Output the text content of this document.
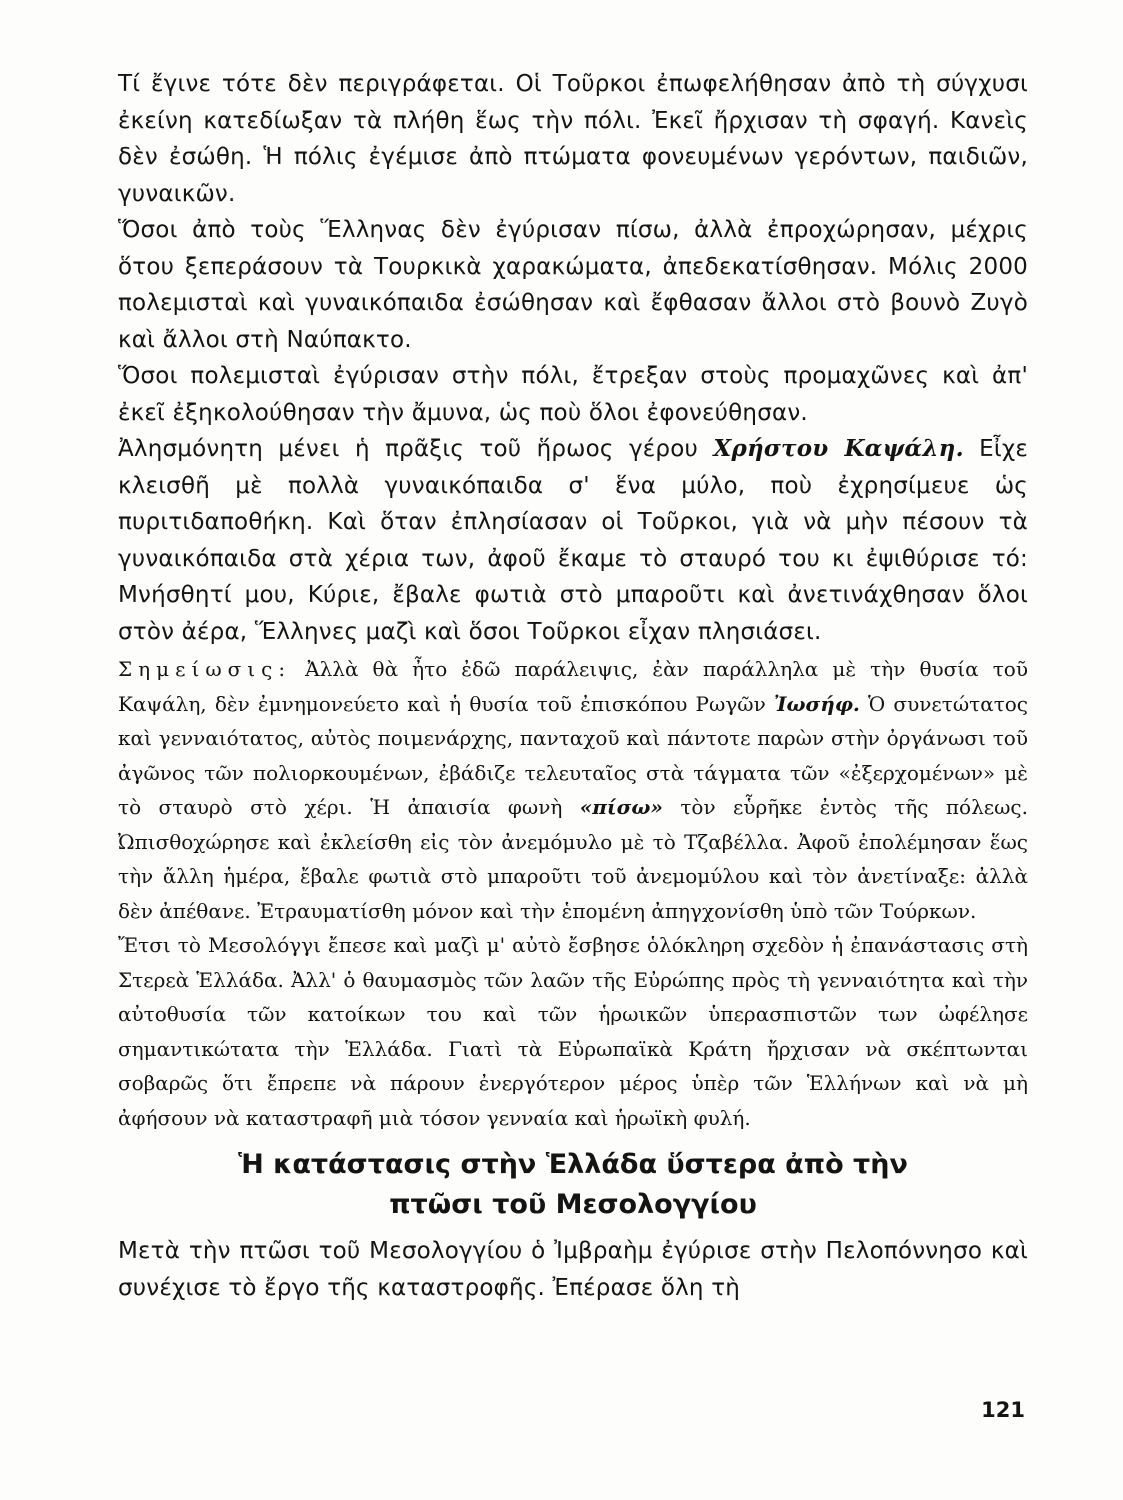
Τί ἔγινε τότε δὲν περιγράφεται. Οἱ Τοῦρκοι ἐπωφελήθησαν ἀπὸ τὴ σύγχυσι ἐκείνη κατεδίωξαν τὰ πλήθη ἕως τὴν πόλι. Ἐκεῖ ἤρχισαν τὴ σφαγή. Κανεὶς δὲν ἐσώθη. Ἡ πόλις ἐγέμισε ἀπὸ πτώματα φονευμένων γερόντων, παιδιῶν, γυναικῶν.

Ὅσοι ἀπὸ τοὺς Ἕλληνας δὲν ἐγύρισαν πίσω, ἀλλὰ ἐπροχώρησαν, μέχρις ὅτου ξεπεράσουν τὰ Τουρκικὰ χαρακώματα, ἀπεδεκατίσθησαν. Μόλις 2000 πολεμισταὶ καὶ γυναικόπαιδα ἐσώθησαν καὶ ἔφθασαν ἄλλοι στὸ βουνὸ Ζυγὸ καὶ ἄλλοι στὴ Ναύπακτο.

Ὅσοι πολεμισταὶ ἐγύρισαν στὴν πόλι, ἔτρεξαν στοὺς προμαχῶνες καὶ ἀπ' ἐκεῖ ἐξηκολούθησαν τὴν ἄμυνα, ὡς ποὺ ὅλοι ἐφονεύθησαν.

Ἀλησμόνητη μένει ἡ πρᾶξις τοῦ ἥρωος γέρου Χρήστου Καψάλη. Εἶχε κλεισθῆ μὲ πολλὰ γυναικόπαιδα σ' ἕνα μύλο, ποὺ ἐχρησίμευε ὡς πυριτιδαποθήκη. Καὶ ὅταν ἐπλησίασαν οἱ Τοῦρκοι, γιὰ νὰ μὴν πέσουν τὰ γυναικόπαιδα στὰ χέρια των, ἀφοῦ ἔκαμε τὸ σταυρό του κι ἐψιθύρισε τό: Μνήσθητί μου, Κύριε, ἔβαλε φωτιὰ στὸ μπαροῦτι καὶ ἀνετινάχθησαν ὅλοι στὸν ἀέρα, Ἕλληνες μαζὶ καὶ ὅσοι Τοῦρκοι εἶχαν πλησιάσει.

Σημείωσις: Ἀλλὰ θὰ ἦτο ἐδῶ παράλειψις, ἐὰν παράλληλα μὲ τὴν θυσία τοῦ Καψάλη, δὲν ἐμνημονεύετο καὶ ἡ θυσία τοῦ ἐπισκόπου Ρωγῶν Ἰωσήφ. Ὁ συνετώτατος καὶ γενναιότατος, αὐτὸς ποιμενάρχης, πανταχοῦ καὶ πάντοτε παρὼν στὴν ὀργάνωσι τοῦ ἀγῶνος τῶν πολιορκουμένων, ἐβάδιζε τελευταῖος στὰ τάγματα τῶν «ἐξερχομένων» μὲ τὸ σταυρὸ στὸ χέρι. Ἡ ἀπαισία φωνὴ «πίσω» τὸν εὗρῆκε ἐντὸς τῆς πόλεως. Ὠπισθοχώρησε καὶ ἐκλείσθη εἰς τὸν ἀνεμόμυλο μὲ τὸ Τζαβέλλα. Ἀφοῦ ἐπολέμησαν ἕως τὴν ἄλλη ἡμέρα, ἔβαλε φωτιὰ στὸ μπαροῦτι τοῦ ἀνεμομύλου καὶ τὸν ἀνετίναξε: ἀλλὰ δὲν ἀπέθανε. Ἐτραυματίσθη μόνον καὶ τὴν ἑπομένη ἀπηγχονίσθη ὑπὸ τῶν Τούρκων.

Ἔτσι τὸ Μεσολόγγι ἔπεσε καὶ μαζὶ μ' αὐτὸ ἔσβησε ὁλόκληρη σχεδὸν ἡ ἐπανάστασις στὴ Στερεὰ Ἑλλάδα. Ἀλλ' ὁ θαυμασμὸς τῶν λαῶν τῆς Εὐρώπης πρὸς τὴ γενναιότητα καὶ τὴν αὐτοθυσία τῶν κατοίκων του καὶ τῶν ἡρωικῶν ὑπερασπιστῶν των ὠφέλησε σημαντικώτατα τὴν Ἑλλάδα. Γιατὶ τὰ Εὐρωπαϊκὰ Κράτη ἤρχισαν νὰ σκέπτωνται σοβαρῶς ὅτι ἔπρεπε νὰ πάρουν ἐνεργότερον μέρος ὑπὲρ τῶν Ἑλλήνων καὶ νὰ μὴ ἀφήσουν νὰ καταστραφῆ μιὰ τόσον γενναία καὶ ἡρωϊκὴ φυλή.

Ἡ κατάστασις στὴν Ἑλλάδα ὕστερα ἀπὸ τὴν
πτῶσι τοῦ Μεσολογγίου

Μετὰ τὴν πτῶσι τοῦ Μεσολογγίου ὁ Ἰμβραὴμ ἐγύρισε στὴν Πελοπόννησο καὶ συνέχισε τὸ ἔργο τῆς καταστροφῆς. Ἐπέρασε ὅλη τὴ

121
